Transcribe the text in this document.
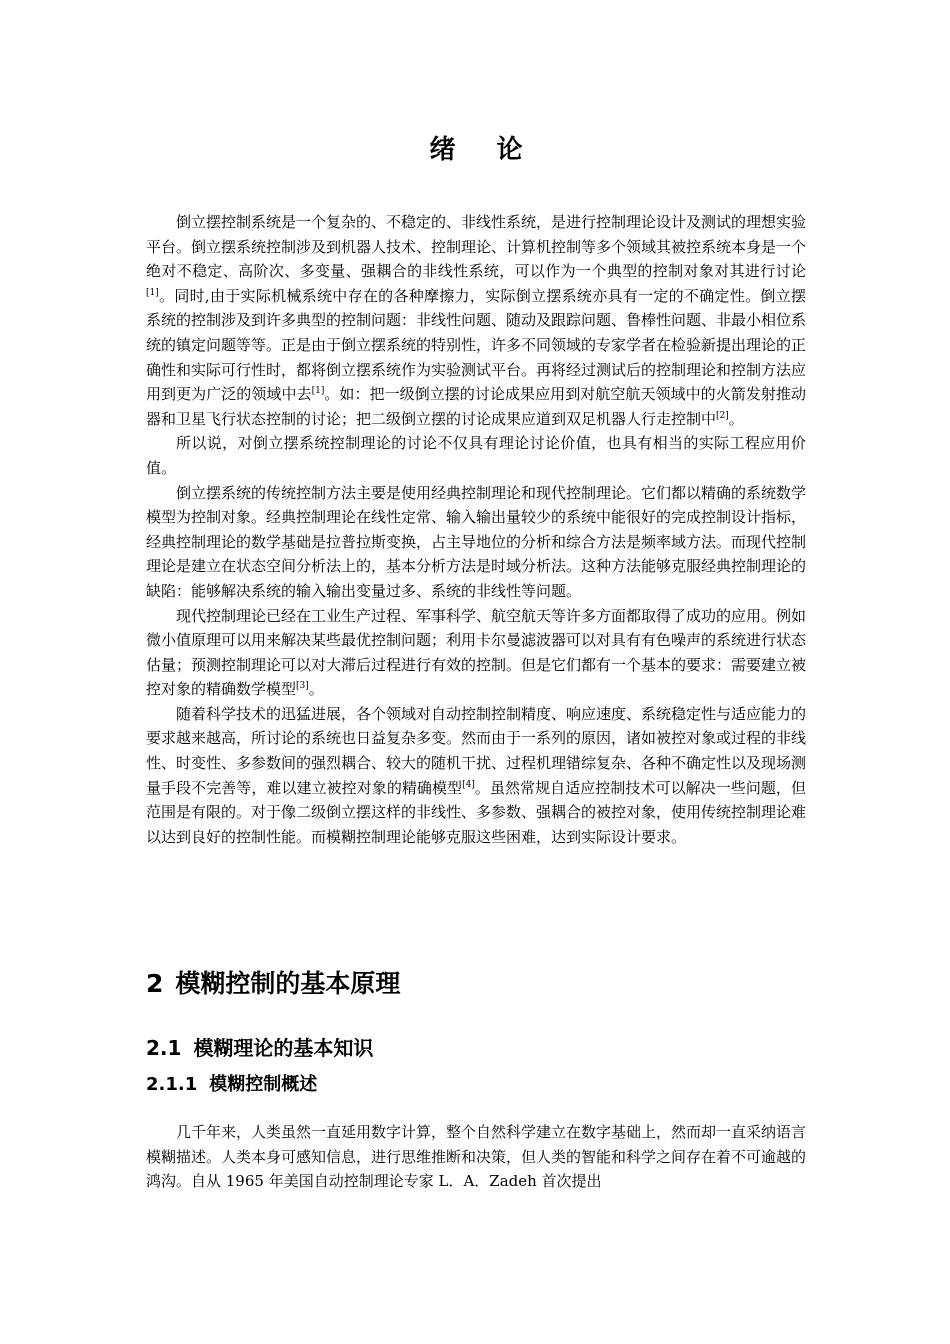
绪 论

倒立摆控制系统是一个复杂的、不稳定的、非线性系统，是进行控制理论设计及测试的理想实验平台。倒立摆系统控制涉及到机器人技术、控制理论、计算机控制等多个领域其被控系统本身是一个绝对不稳定、高阶次、多变量、强耦合的非线性系统，可以作为一个典型的控制对象对其进行讨论[1]。同时,由于实际机械系统中存在的各种摩擦力，实际倒立摆系统亦具有一定的不确定性。倒立摆系统的控制涉及到许多典型的控制问题：非线性问题、随动及跟踪问题、鲁棒性问题、非最小相位系统的镇定问题等等。正是由于倒立摆系统的特别性，许多不同领域的专家学者在检验新提出理论的正确性和实际可行性时，都将倒立摆系统作为实验测试平台。再将经过测试后的控制理论和控制方法应用到更为广泛的领域中去[1]。如：把一级倒立摆的讨论成果应用到对航空航天领域中的火箭发射推动器和卫星飞行状态控制的讨论；把二级倒立摆的讨论成果应道到双足机器人行走控制中[2]。

所以说，对倒立摆系统控制理论的讨论不仅具有理论讨论价值，也具有相当的实际工程应用价值。

倒立摆系统的传统控制方法主要是使用经典控制理论和现代控制理论。它们都以精确的系统数学模型为控制对象。经典控制理论在线性定常、输入输出量较少的系统中能很好的完成控制设计指标，经典控制理论的数学基础是拉普拉斯变换，占主导地位的分析和综合方法是频率域方法。而现代控制理论是建立在状态空间分析法上的，基本分析方法是时域分析法。这种方法能够克服经典控制理论的缺陷：能够解决系统的输入输出变量过多、系统的非线性等问题。

现代控制理论已经在工业生产过程、军事科学、航空航天等许多方面都取得了成功的应用。例如微小值原理可以用来解决某些最优控制问题；利用卡尔曼滤波器可以对具有有色噪声的系统进行状态估量；预测控制理论可以对大滞后过程进行有效的控制。但是它们都有一个基本的要求：需要建立被控对象的精确数学模型[3]。

随着科学技术的迅猛进展，各个领域对自动控制控制精度、响应速度、系统稳定性与适应能力的要求越来越高，所讨论的系统也日益复杂多变。然而由于一系列的原因，诸如被控对象或过程的非线性、时变性、多参数间的强烈耦合、较大的随机干扰、过程机理错综复杂、各种不确定性以及现场测量手段不完善等，难以建立被控对象的精确模型[4]。虽然常规自适应控制技术可以解决一些问题，但范围是有限的。对于像二级倒立摆这样的非线性、多参数、强耦合的被控对象，使用传统控制理论难以达到良好的控制性能。而模糊控制理论能够克服这些困难，达到实际设计要求。

2 模糊控制的基本原理
2.1 模糊理论的基本知识
2.1.1 模糊控制概述

几千年来，人类虽然一直延用数字计算，整个自然科学建立在数字基础上，然而却一直采纳语言模糊描述。人类本身可感知信息，进行思维推断和决策，但人类的智能和科学之间存在着不可逾越的鸿沟。自从 1965 年美国自动控制理论专家 L．A．Zadeh 首次提出
